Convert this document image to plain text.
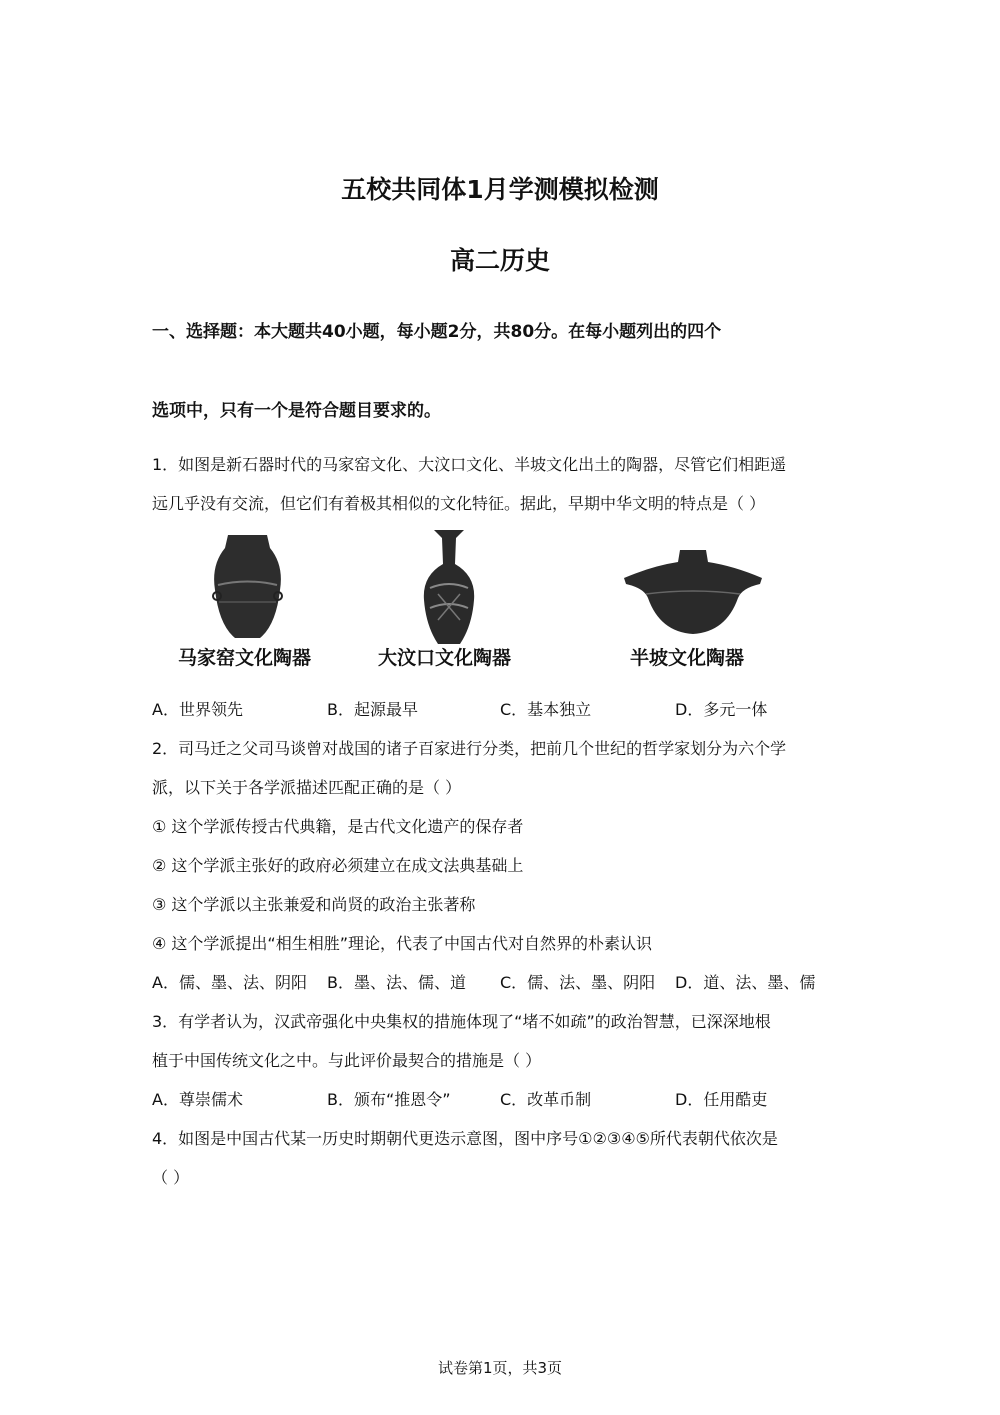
五校共同体1月学测模拟检测
高二历史
一、选择题：本大题共40小题，每小题2分，共80分。在每小题列出的四个
选项中，只有一个是符合题目要求的。
1．如图是新石器时代的马家窑文化、大汶口文化、半坡文化出土的陶器，尽管它们相距遥
远几乎没有交流，但它们有着极其相似的文化特征。据此，早期中华文明的特点是（ ）
马家窑文化陶器	大汶口文化陶器	半坡文化陶器
A．世界领先	B．起源最早	C．基本独立	D．多元一体
2．司马迁之父司马谈曾对战国的诸子百家进行分类，把前几个世纪的哲学家划分为六个学
派，以下关于各学派描述匹配正确的是（ ）
① 这个学派传授古代典籍，是古代文化遗产的保存者
② 这个学派主张好的政府必须建立在成文法典基础上
③ 这个学派以主张兼爱和尚贤的政治主张著称
④ 这个学派提出“相生相胜”理论，代表了中国古代对自然界的朴素认识
A．儒、墨、法、阴阳 B．墨、法、儒、道 C．儒、法、墨、阴阳 D．道、法、墨、儒
3．有学者认为，汉武帝强化中央集权的措施体现了“堵不如疏”的政治智慧，已深深地根
植于中国传统文化之中。与此评价最契合的措施是（ ）
A．尊崇儒术	B．颁布“推恩令”	C．改革币制	D．任用酷吏
4．如图是中国古代某一历史时期朝代更迭示意图，图中序号①②③④⑤所代表朝代依次是
（ ）
试卷第1页，共3页
